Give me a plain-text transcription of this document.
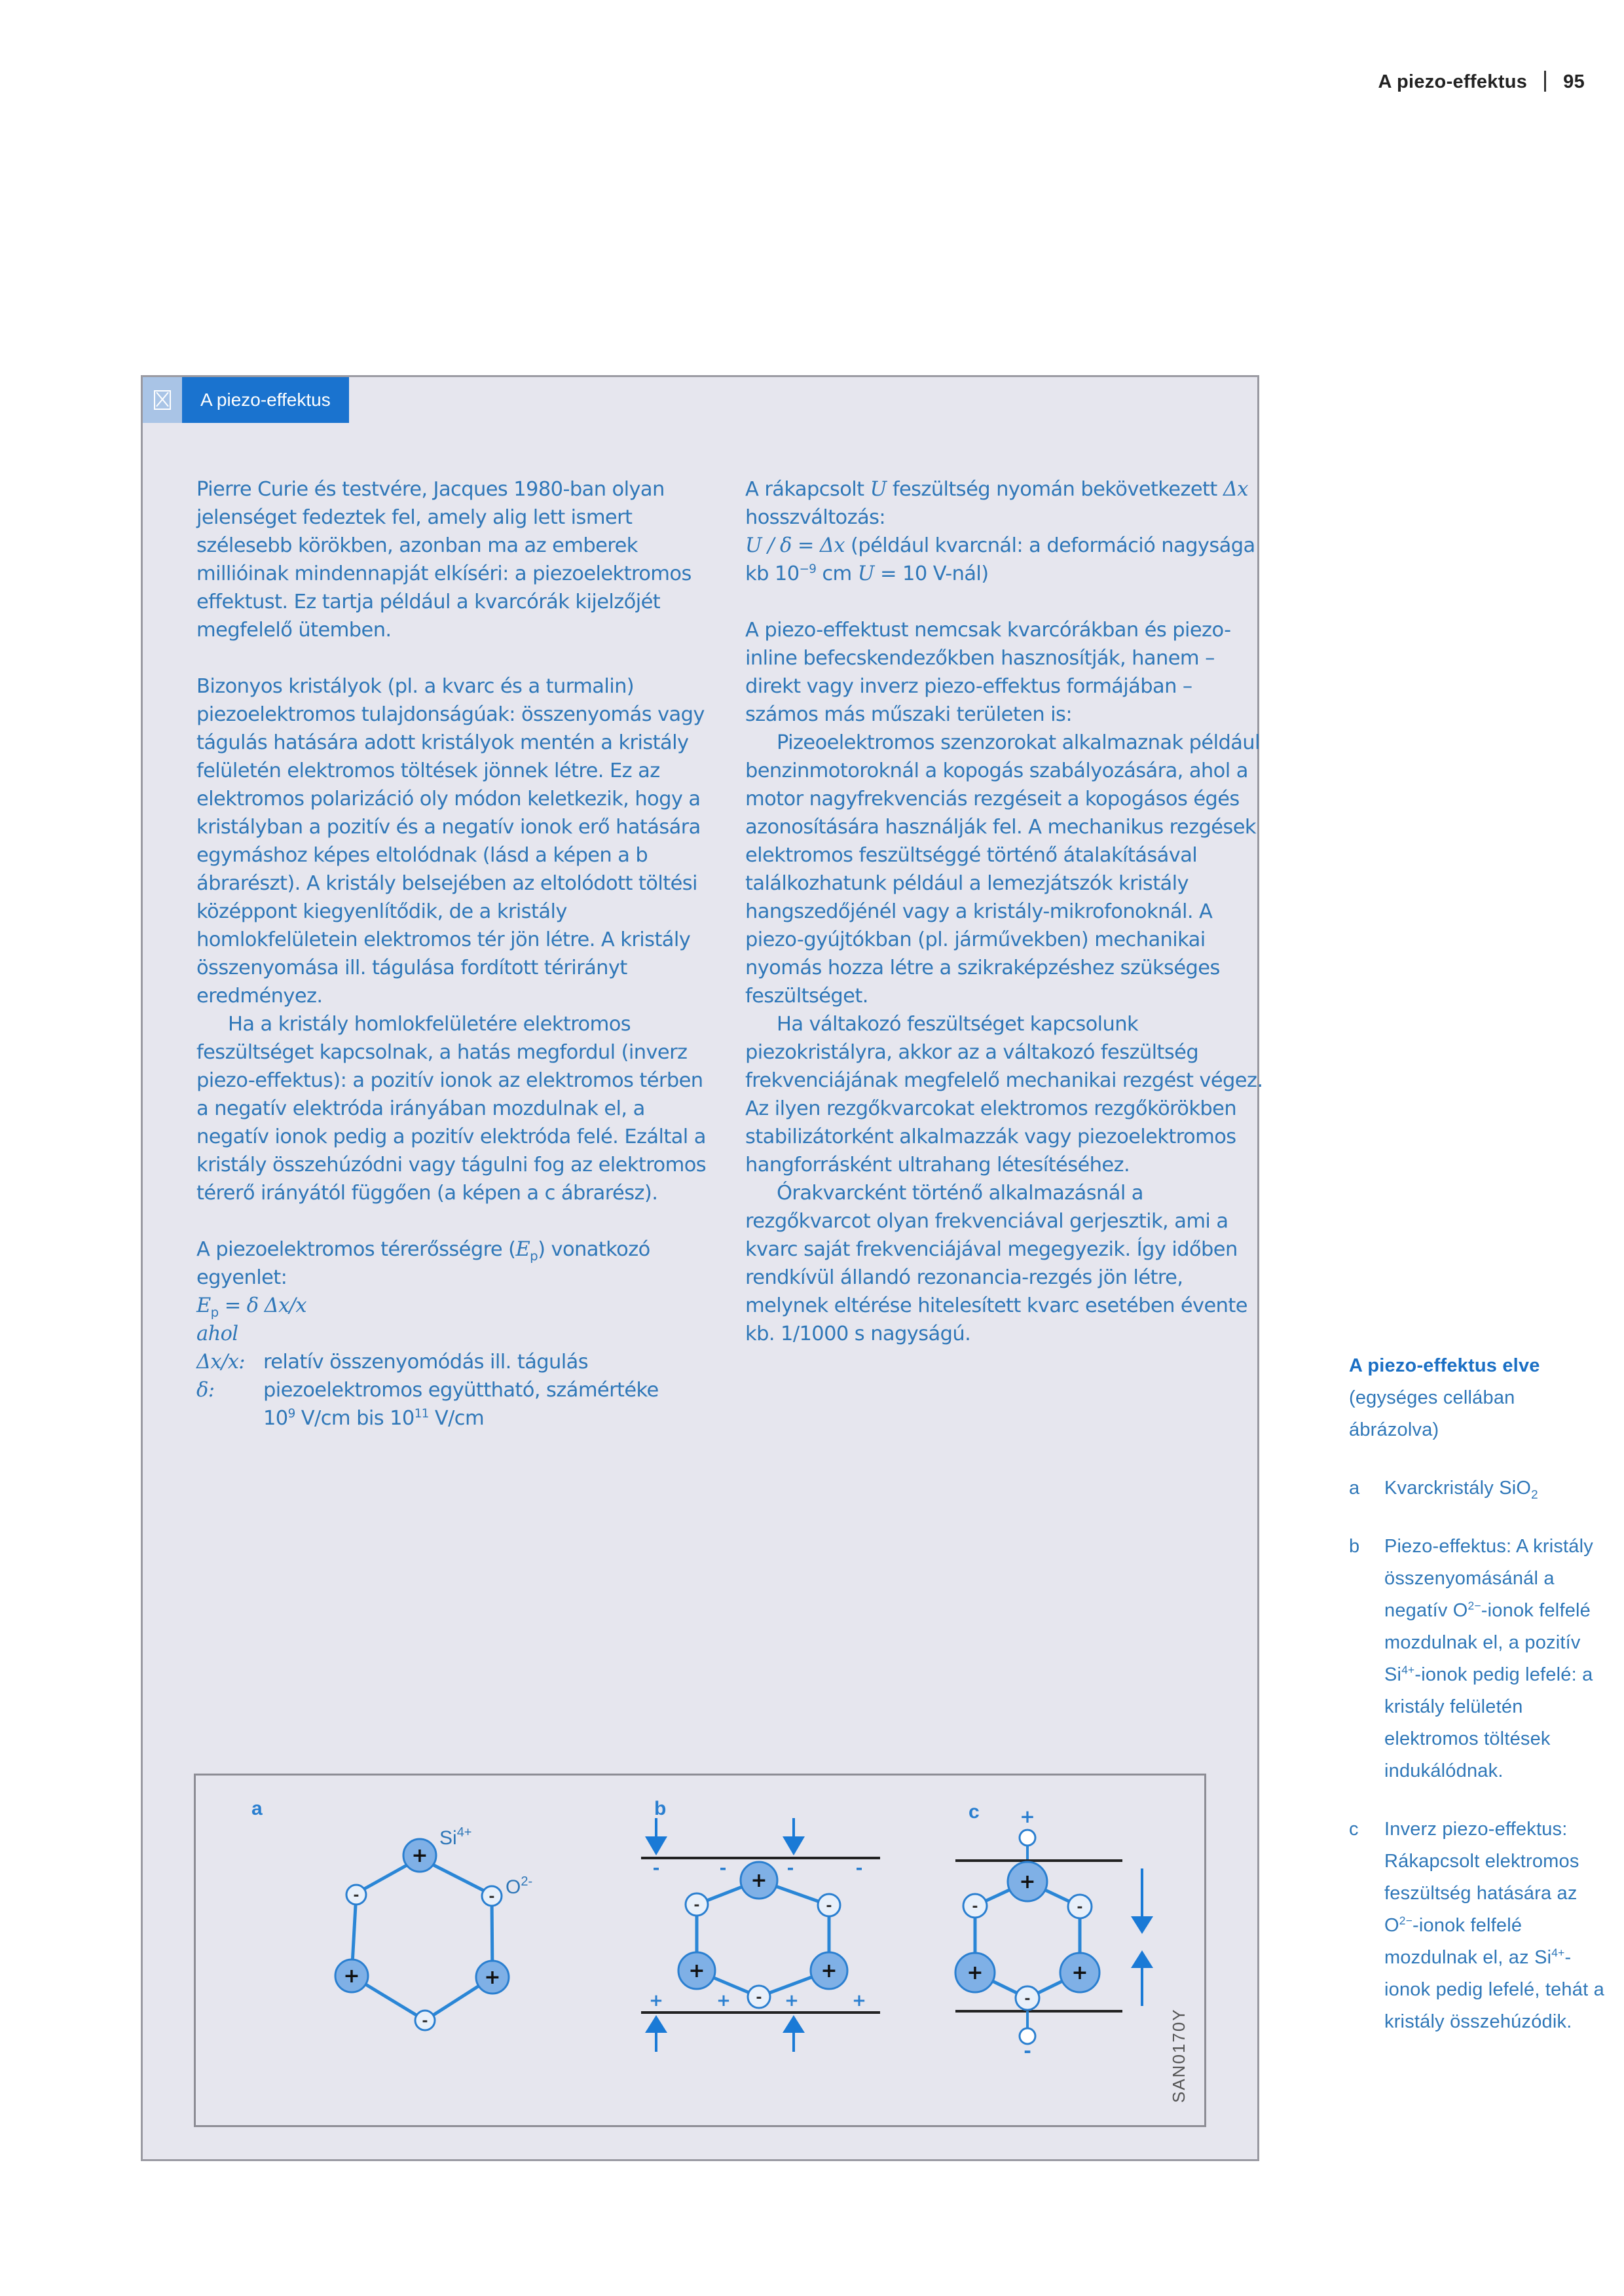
A piezo-effektus 95
A piezo-effektus

Pierre Curie és testvére, Jacques 1980-ban olyan jelenséget fedeztek fel, amely alig lett ismert szélesebb körökben, azonban ma az emberek millióinak mindennapját elkíséri: a piezoelektromos effektust. Ez tartja például a kvarcórák kijelzőjét megfelelő ütemben.

Bizonyos kristályok (pl. a kvarc és a turmalin) piezoelektromos tulajdonságúak: összenyomás vagy tágulás hatására adott kristályok mentén a kristály felületén elektromos töltések jönnek létre. Ez az elektromos polarizáció oly módon keletkezik, hogy a kristályban a pozitív és a negatív ionok erő hatására egymáshoz képes eltolódnak (lásd a képen a b ábrarészt). A kristály belsejében az eltolódott töltési középpont kiegyenlítődik, de a kristály homlokfelületein elektromos tér jön létre. A kristály összenyomása ill. tágulása fordított térirányt eredményez.

Ha a kristály homlokfelületére elektromos feszültséget kapcsolnak, a hatás megfordul (inverz piezo-effektus): a pozitív ionok az elektromos térben a negatív elektróda irányában mozdulnak el, a negatív ionok pedig a pozitív elektróda felé. Ezáltal a kristály összehúzódni vagy tágulni fog az elektromos térerő irányától függően (a képen a c ábrarész).

A piezoelektromos térerősségre $(E_p)$ vonatkozó egyenlet:

$E_p = \delta$ Δx/x

ahol

Δx/x: relatív összenyomódás ill. tágulás
δ:	piezoelektromos együttható, számértéke
$10^9$ V/cm bis $10^{11}$ V/cm
a
+
-	-
+	+
-
$Si^{4+}$
$O^{2-}$
b
-	-	-	-
+	+	+	+
+
-	-
+	+
-
c +
+
-	-
+	+
-
-	SAN0170Y

A rákapcsolt U feszültség nyomán bekövetkezett Δx hosszváltozás:
U / δ = Δx (például kvarcnál: a deformáció nagysága kb $10^{-9}$ cm U = 10 V-nál)

A piezo-effektust nemcsak kvarcórákban és piezo-inline befecskendezőkben hasznosítják, hanem – direkt vagy inverz piezo-effektus formájában – számos más műszaki területen is:

Pizeoelektromos szenzorokat alkalmaznak például benzinmotoroknál a kopogás szabályozására, ahol a motor nagyfrekvenciás rezgéseit a kopogásos égés azonosítására használják fel. A mechanikus rezgések elektromos feszültséggé történő átalakításával találkozhatunk például a lemezjátszók kristály hangszedőjénél vagy a kristály-mikrofonoknál. A piezo-gyújtókban (pl. járművekben) mechanikai nyomás hozza létre a szikraképzéshez szükséges feszültséget.

Ha váltakozó feszültséget kapcsolunk piezokristályra, akkor az a váltakozó feszültség frekvenciájának megfelelő mechanikai rezgést végez. Az ilyen rezgőkvarcokat elektromos rezgőkörökben stabilizátorként alkalmazzák vagy piezoelektromos hangforrásként ultrahang létesítéséhez.

Órakvarcként történő alkalmazásnál a rezgőkvarcot olyan frekvenciával gerjesztik, ami a kvarc saját frekvenciájával megegyezik. Így időben rendkívül állandó rezonancia-rezgés jön létre, melynek eltérése hitelesített kvarc esetében évente kb. 1/1000 s nagyságú.

A piezo-effektus elve
(egységes cellában ábrázolva)
a	Kvarckristály SiO$_2$
b	Piezo-effektus: A kristály összenyomásánál a negatív $O^{2-}$-ionok felfelé mozdulnak el, a pozitív $Si^{4+}$-ionok pedig lefelé: a kristály felületén elektromos töltések indukálódnak.
c	Inverz piezo-effektus: Rákapcsolt elektromos feszültség hatására az $O^{2-}$-ionok felfelé mozdulnak el, az $Si^{4+}$-ionok pedig lefelé, tehát a kristály összehúzódik.
